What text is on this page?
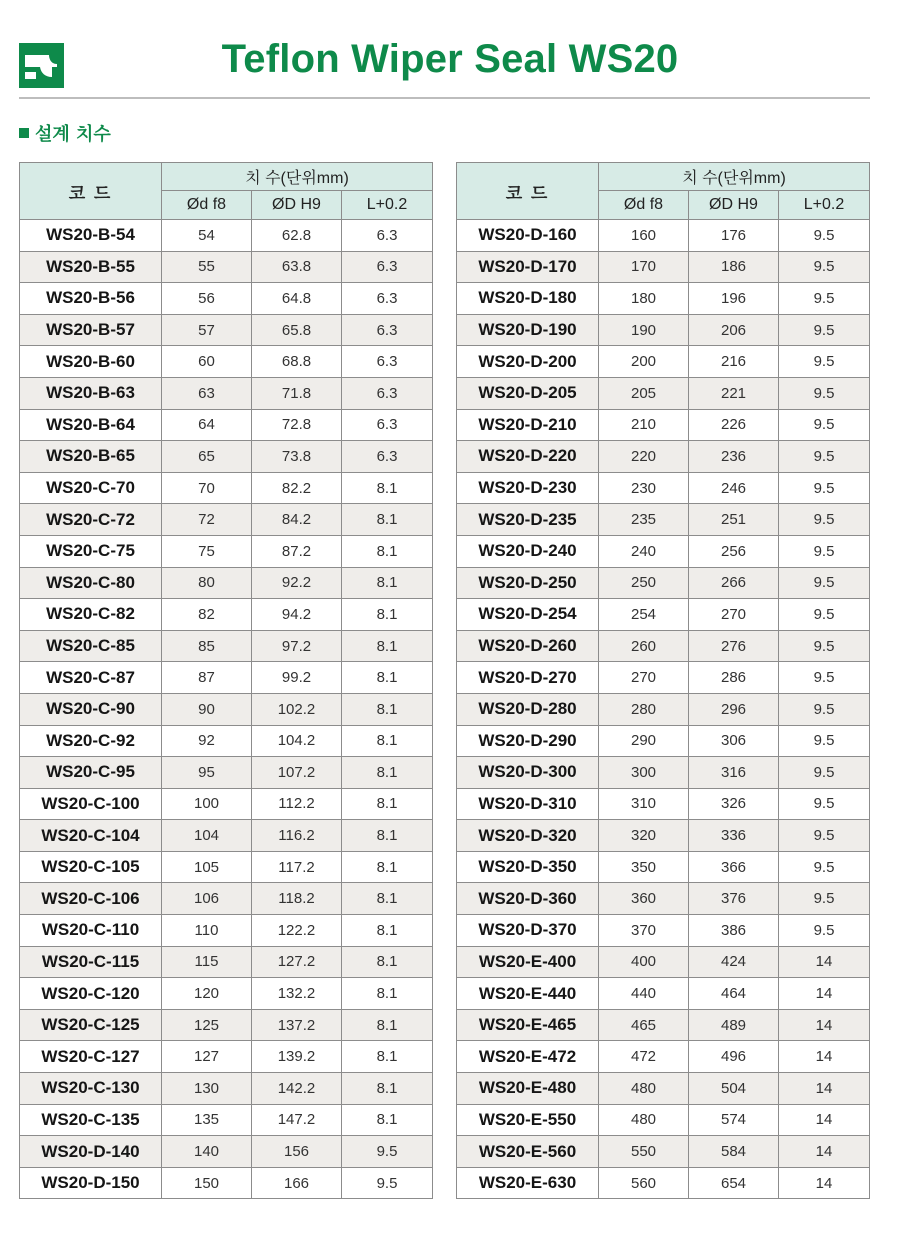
Teflon Wiper Seal WS20
설계 치수
코 드	치 수(단위mm)		
	Ød f8	ØD H9	L+0.2
WS20-B-54	54	62.8	6.3
WS20-B-55	55	63.8	6.3
WS20-B-56	56	64.8	6.3
WS20-B-57	57	65.8	6.3
WS20-B-60	60	68.8	6.3
WS20-B-63	63	71.8	6.3
WS20-B-64	64	72.8	6.3
WS20-B-65	65	73.8	6.3
WS20-C-70	70	82.2	8.1
WS20-C-72	72	84.2	8.1
WS20-C-75	75	87.2	8.1
WS20-C-80	80	92.2	8.1
WS20-C-82	82	94.2	8.1
WS20-C-85	85	97.2	8.1
WS20-C-87	87	99.2	8.1
WS20-C-90	90	102.2	8.1
WS20-C-92	92	104.2	8.1
WS20-C-95	95	107.2	8.1
WS20-C-100	100	112.2	8.1
WS20-C-104	104	116.2	8.1
WS20-C-105	105	117.2	8.1
WS20-C-106	106	118.2	8.1
WS20-C-110	110	122.2	8.1
WS20-C-115	115	127.2	8.1
WS20-C-120	120	132.2	8.1
WS20-C-125	125	137.2	8.1
WS20-C-127	127	139.2	8.1
WS20-C-130	130	142.2	8.1
WS20-C-135	135	147.2	8.1
WS20-D-140	140	156	9.5
WS20-D-150	150	166	9.5
코 드	치 수(단위mm)		
	Ød f8	ØD H9	L+0.2
WS20-D-160	160	176	9.5
WS20-D-170	170	186	9.5
WS20-D-180	180	196	9.5
WS20-D-190	190	206	9.5
WS20-D-200	200	216	9.5
WS20-D-205	205	221	9.5
WS20-D-210	210	226	9.5
WS20-D-220	220	236	9.5
WS20-D-230	230	246	9.5
WS20-D-235	235	251	9.5
WS20-D-240	240	256	9.5
WS20-D-250	250	266	9.5
WS20-D-254	254	270	9.5
WS20-D-260	260	276	9.5
WS20-D-270	270	286	9.5
WS20-D-280	280	296	9.5
WS20-D-290	290	306	9.5
WS20-D-300	300	316	9.5
WS20-D-310	310	326	9.5
WS20-D-320	320	336	9.5
WS20-D-350	350	366	9.5
WS20-D-360	360	376	9.5
WS20-D-370	370	386	9.5
WS20-E-400	400	424	14
WS20-E-440	440	464	14
WS20-E-465	465	489	14
WS20-E-472	472	496	14
WS20-E-480	480	504	14
WS20-E-550	480	574	14
WS20-E-560	550	584	14
WS20-E-630	560	654	14
